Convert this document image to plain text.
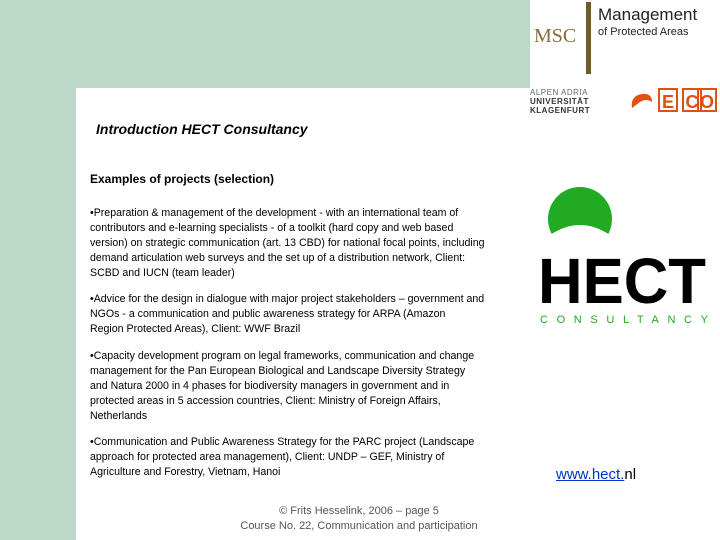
MSC
Management
of Protected Areas
ALPEN ADRIA
UNIVERSITÄT
KLAGENFURT	E C O
Introduction HECT Consultancy
Examples of projects (selection)
•Preparation & management of the development - with an international team of
contributors and e-learning specialists - of a toolkit (hard copy and web based
version) on strategic communication (art. 13 CBD) for national focal points, including
demand articulation web surveys and the set up of a distribution network, Client:
SCBD and IUCN (team leader)
•Advice for the design in dialogue with major project stakeholders – government and
NGOs - a communication and public awareness strategy for ARPA (Amazon
Region Protected Areas), Client: WWF Brazil
•Capacity development program on legal frameworks, communication and change
management for the Pan European Biological and Landscape Diversity Strategy
and Natura 2000 in 4 phases for biodiversity managers in government and in
protected areas in 5 accession countries, Client: Ministry of Foreign Affairs,
Netherlands
•Communication and Public Awareness Strategy for the PARC project (Landscape
approach for protected area management), Client: UNDP – GEF, Ministry of
Agriculture and Forestry, Vietnam, Hanoi
HECT
CONSULTANCY
www.hect.nl
© Frits Hesselink, 2006 – page 5
Course No. 22, Communication and participation
